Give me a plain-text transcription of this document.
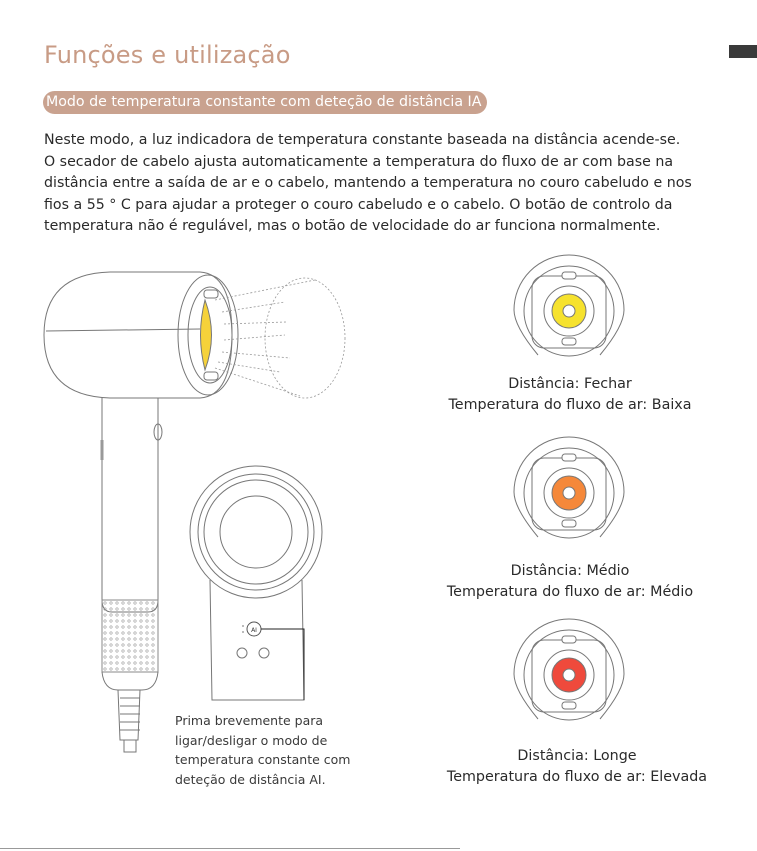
Funções e utilização
Modo de temperatura constante com deteção de distância IA
Neste modo, a luz indicadora de temperatura constante baseada na distância acende-se.
O secador de cabelo ajusta automaticamente a temperatura do fluxo de ar com base na
distância entre a saída de ar e o cabelo, mantendo a temperatura no couro cabeludo e nos
fios a 55 ° C para ajudar a proteger o couro cabeludo e o cabelo. O botão de controlo da
temperatura não é regulável, mas o botão de velocidade do ar funciona normalmente.
AI
Distância: Fechar
Temperatura do fluxo de ar: Baixa
Distância: Médio
Temperatura do fluxo de ar: Médio
Distância: Longe
Temperatura do fluxo de ar: Elevada
Prima brevemente para
ligar/desligar o modo de
temperatura constante com
deteção de distância AI.
